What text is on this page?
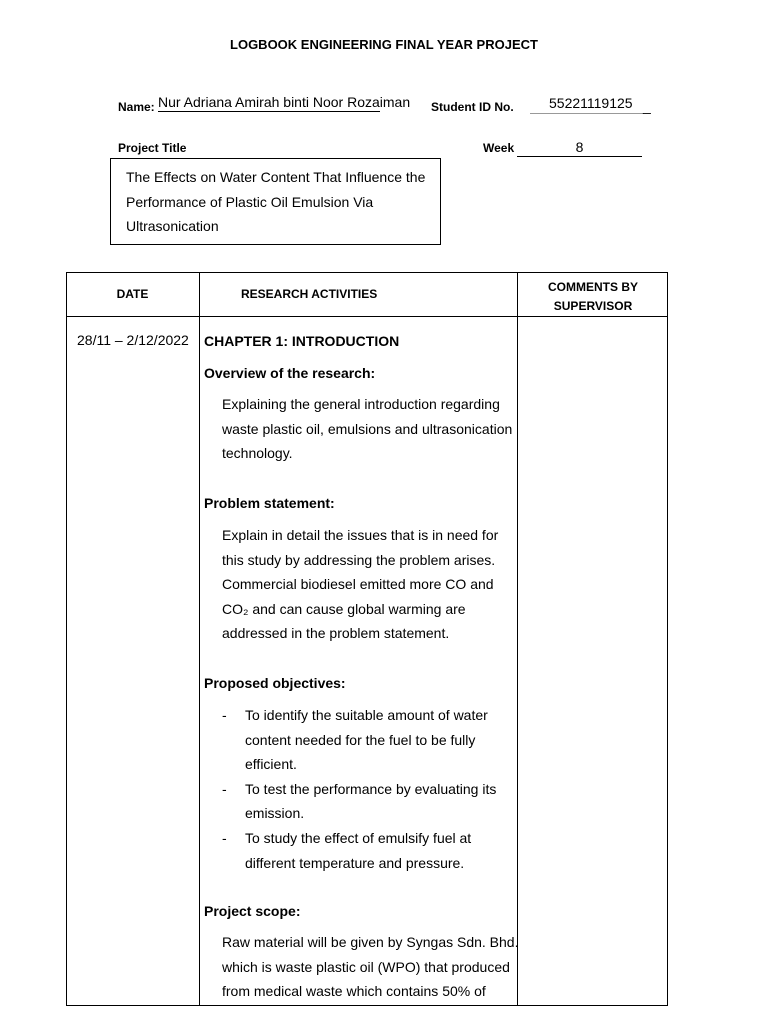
LOGBOOK ENGINEERING FINAL YEAR PROJECT
Name: Nur Adriana Amirah binti Noor Rozaiman Student ID No.	55221119125 _
Project Title	Week	8
The Effects on Water Content That Influence the
Performance of Plastic Oil Emulsion Via
Ultrasonication
DATE	RESEARCH ACTIVITIES	COMMENTS BY
SUPERVISOR
28/11 – 2/12/2022 CHAPTER 1: INTRODUCTION
Overview of the research:
Explaining the general introduction regarding
waste plastic oil, emulsions and ultrasonication
technology.
Problem statement:
Explain in detail the issues that is in need for
this study by addressing the problem arises.
Commercial biodiesel emitted more CO and
CO₂ and can cause global warming are
addressed in the problem statement.
Proposed objectives:
- To identify the suitable amount of water
content needed for the fuel to be fully
efficient.
- To test the performance by evaluating its
emission.
- To study the effect of emulsify fuel at
different temperature and pressure.
Project scope:
Raw material will be given by Syngas Sdn. Bhd.
which is waste plastic oil (WPO) that produced
from medical waste which contains 50% of
